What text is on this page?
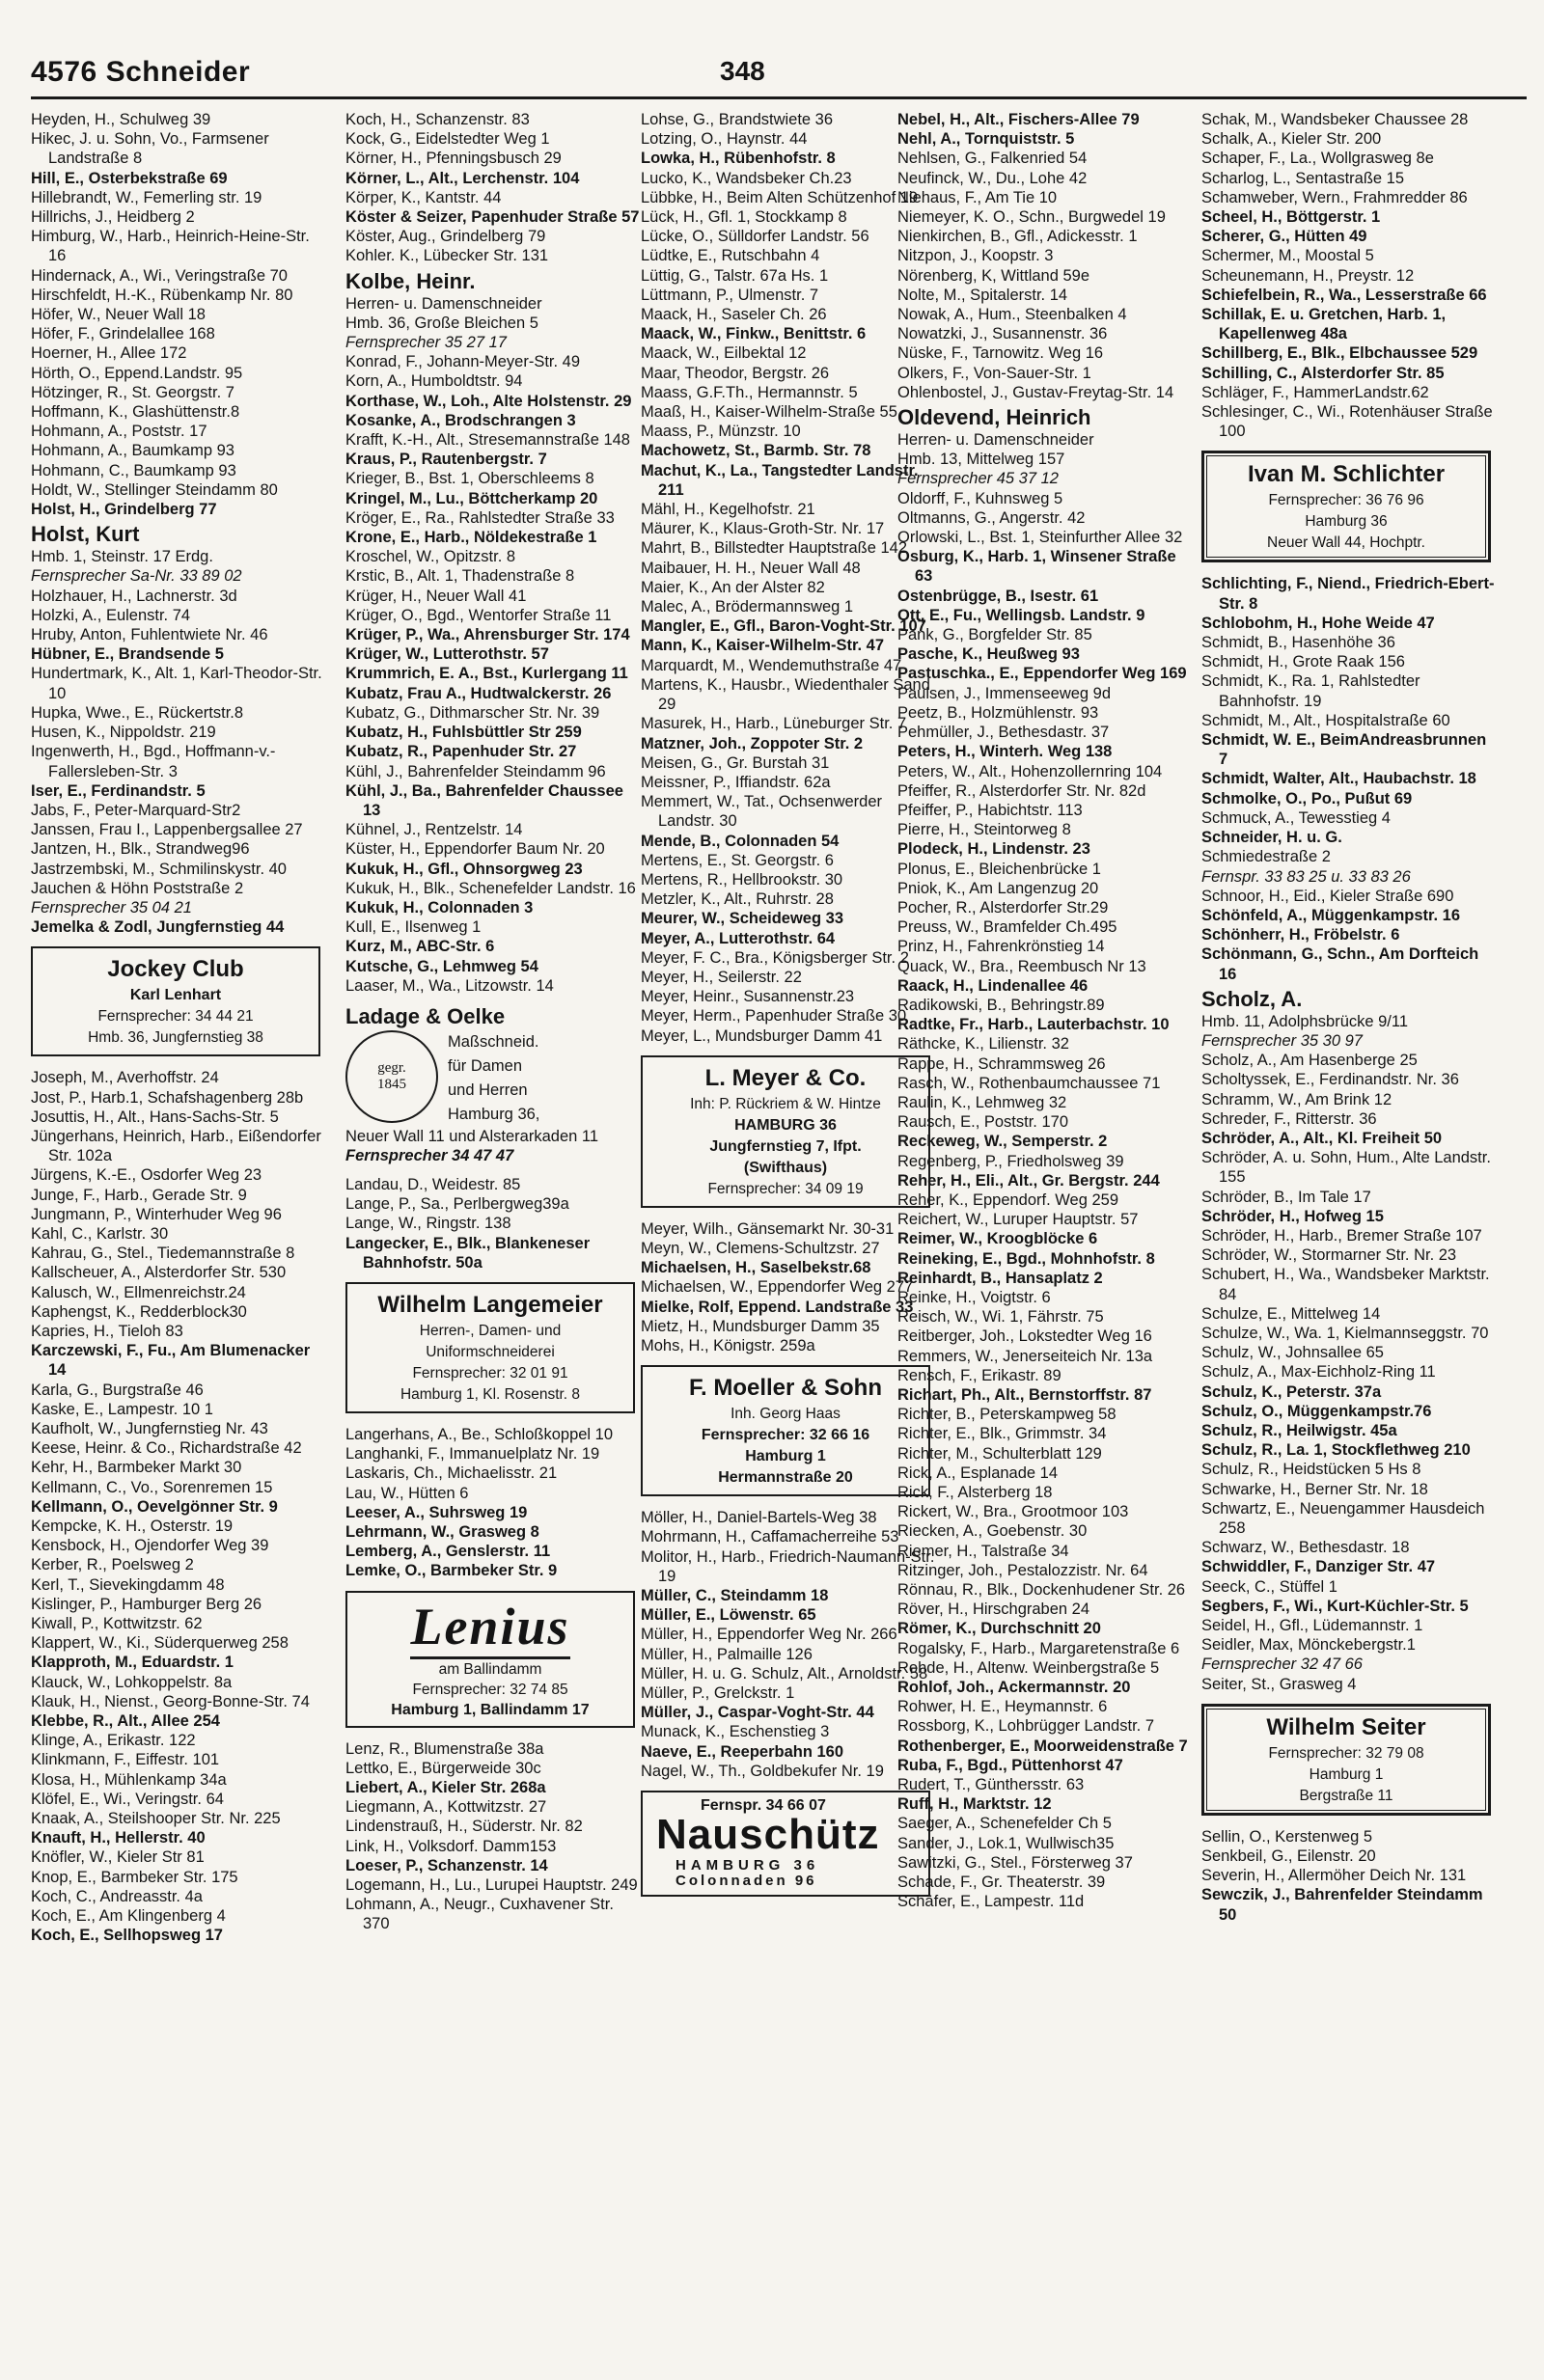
4576 Schneider	348

Heyden, H., Schulweg 39

Hikec, J. u. Sohn, Vo., Farmsener Landstraße 8

Hill, E., Osterbekstraße 69

Hillebrandt, W., Femerling str. 19

Hillrichs, J., Heidberg 2

Himburg, W., Harb., Heinrich-Heine-Str. 16

Hindernack, A., Wi., Veringstraße 70

Hirschfeldt, H.-K., Rübenkamp Nr. 80

Höfer, W., Neuer Wall 18

Höfer, F., Grindelallee 168

Hoerner, H., Allee 172

Hörth, O., Eppend.Landstr. 95

Hötzinger, R., St. Georgstr. 7

Hoffmann, K., Glashüttenstr.8

Hohmann, A., Poststr. 17

Hohmann, A., Baumkamp 93

Hohmann, C., Baumkamp 93

Holdt, W., Stellinger Steindamm 80

Holst, H., Grindelberg 77

Holst, Kurt

Hmb. 1, Steinstr. 17 Erdg.

Fernsprecher Sa-Nr. 33 89 02

Holzhauer, H., Lachnerstr. 3d

Holzki, A., Eulenstr. 74

Hruby, Anton, Fuhlentwiete Nr. 46

Hübner, E., Brandsende 5

Hundertmark, K., Alt. 1, Karl-Theodor-Str. 10

Hupka, Wwe., E., Rückertstr.8

Husen, K., Nippoldstr. 219

Ingenwerth, H., Bgd., Hoffmann-v.-Fallersleben-Str. 3

Iser, E., Ferdinandstr. 5

Jabs, F., Peter-Marquard-Str2

Janssen, Frau I., Lappenbergsallee 27

Jantzen, H., Blk., Strandweg96

Jastrzembski, M., Schmilinskystr. 40

Jauchen & Höhn Poststraße 2

Fernsprecher 35 04 21

Jemelka & Zodl, Jungfernstieg 44

Jockey Club
Karl Lenhart
Fernsprecher: 34 44 21
Hmb. 36, Jungfernstieg 38

Joseph, M., Averhoffstr. 24

Jost, P., Harb.1, Schafshagenberg 28b

Josuttis, H., Alt., Hans-Sachs-Str. 5

Jüngerhans, Heinrich, Harb., Eißendorfer Str. 102a

Jürgens, K.-E., Osdorfer Weg 23

Junge, F., Harb., Gerade Str. 9

Jungmann, P., Winterhuder Weg 96

Kahl, C., Karlstr. 30

Kahrau, G., Stel., Tiedemannstraße 8

Kallscheuer, A., Alsterdorfer Str. 530

Kalusch, W., Ellmenreichstr.24

Kaphengst, K., Redderblock30

Kapries, H., Tieloh 83

Karczewski, F., Fu., Am Blumenacker 14

Karla, G., Burgstraße 46

Kaske, E., Lampestr. 10 1

Kaufholt, W., Jungfernstieg Nr. 43

Keese, Heinr. & Co., Richardstraße 42

Kehr, H., Barmbeker Markt 30

Kellmann, C., Vo., Sorenremen 15

Kellmann, O., Oevelgönner Str. 9

Kempcke, K. H., Osterstr. 19

Kensbock, H., Ojendorfer Weg 39

Kerber, R., Poelsweg 2

Kerl, T., Sievekingdamm 48

Kislinger, P., Hamburger Berg 26

Kiwall, P., Kottwitzstr. 62

Klappert, W., Ki., Süderquerweg 258

Klapproth, M., Eduardstr. 1

Klauck, W., Lohkoppelstr. 8a

Klauk, H., Nienst., Georg-Bonne-Str. 74

Klebbe, R., Alt., Allee 254

Klinge, A., Erikastr. 122

Klinkmann, F., Eiffestr. 101

Klosa, H., Mühlenkamp 34a

Klöfel, E., Wi., Veringstr. 64

Knaak, A., Steilshooper Str. Nr. 225

Knauft, H., Hellerstr. 40

Knöfler, W., Kieler Str 81

Knop, E., Barmbeker Str. 175

Koch, C., Andreasstr. 4a

Koch, E., Am Klingenberg 4

Koch, E., Sellhopsweg 17

Koch, H., Schanzenstr. 83

Kock, G., Eidelstedter Weg 1

Körner, H., Pfenningsbusch 29

Körner, L., Alt., Lerchenstr. 104

Körper, K., Kantstr. 44

Köster & Seizer, Papenhuder Straße 57

Köster, Aug., Grindelberg 79

Kohler. K., Lübecker Str. 131

Kolbe, Heinr.

Herren- u. Damenschneider

Hmb. 36, Große Bleichen 5

Fernsprecher 35 27 17

Konrad, F., Johann-Meyer-Str. 49

Korn, A., Humboldtstr. 94

Korthase, W., Loh., Alte Holstenstr. 29

Kosanke, A., Brodschrangen 3

Krafft, K.-H., Alt., Stresemannstraße 148

Kraus, P., Rautenbergstr. 7

Krieger, B., Bst. 1, Oberschleems 8

Kringel, M., Lu., Böttcherkamp 20

Kröger, E., Ra., Rahlstedter Straße 33

Krone, E., Harb., Nöldekestraße 1

Kroschel, W., Opitzstr. 8

Krstic, B., Alt. 1, Thadenstraße 8

Krüger, H., Neuer Wall 41

Krüger, O., Bgd., Wentorfer Straße 11

Krüger, P., Wa., Ahrensburger Str. 174

Krüger, W., Lutterothstr. 57

Krummrich, E. A., Bst., Kurlergang 11

Kubatz, Frau A., Hudtwalckerstr. 26

Kubatz, G., Dithmarscher Str. Nr. 39

Kubatz, H., Fuhlsbüttler Str 259

Kubatz, R., Papenhuder Str. 27

Kühl, J., Bahrenfelder Steindamm 96

Kühl, J., Ba., Bahrenfelder Chaussee 13

Kühnel, J., Rentzelstr. 14

Küster, H., Eppendorfer Baum Nr. 20

Kukuk, H., Gfl., Ohnsorgweg 23

Kukuk, H., Blk., Schenefelder Landstr. 16

Kukuk, H., Colonnaden 3

Kull, E., Ilsenweg 1

Kurz, M., ABC-Str. 6

Kutsche, G., Lehmweg 54

Laaser, M., Wa., Litzowstr. 14

Ladage & Oelke
gegr.
1845
Maßschneid.
für Damen
und Herren
Hamburg 36,
Neuer Wall 11 und Alsterarkaden 11
Fernsprecher 34 47 47

Landau, D., Weidestr. 85

Lange, P., Sa., Perlbergweg39a

Lange, W., Ringstr. 138

Langecker, E., Blk., Blankeneser Bahnhofstr. 50a

Wilhelm Langemeier
Herren-, Damen- und Uniformschneiderei
Fernsprecher: 32 01 91
Hamburg 1, Kl. Rosenstr. 8

Langerhans, A., Be., Schloßkoppel 10

Langhanki, F., Immanuelplatz Nr. 19

Laskaris, Ch., Michaelisstr. 21

Lau, W., Hütten 6

Leeser, A., Suhrsweg 19

Lehrmann, W., Grasweg 8

Lemberg, A., Genslerstr. 11

Lemke, O., Barmbeker Str. 9

Lenius
am Ballindamm
Fernsprecher: 32 74 85
Hamburg 1, Ballindamm 17

Lenz, R., Blumenstraße 38a

Lettko, E., Bürgerweide 30c

Liebert, A., Kieler Str. 268a

Liegmann, A., Kottwitzstr. 27

Lindenstrauß, H., Süderstr. Nr. 82

Link, H., Volksdorf. Damm153

Loeser, P., Schanzenstr. 14

Logemann, H., Lu., Lurupei Hauptstr. 249

Lohmann, A., Neugr., Cuxhavener Str. 370

Lohse, G., Brandstwiete 36

Lotzing, O., Haynstr. 44

Lowka, H., Rübenhofstr. 8

Lucko, K., Wandsbeker Ch.23

Lübbke, H., Beim Alten Schützenhof 19

Lück, H., Gfl. 1, Stockkamp 8

Lücke, O., Sülldorfer Landstr. 56

Lüdtke, E., Rutschbahn 4

Lüttig, G., Talstr. 67a Hs. 1

Lüttmann, P., Ulmenstr. 7

Maack, H., Saseler Ch. 26

Maack, W., Finkw., Benittstr. 6

Maack, W., Eilbektal 12

Maar, Theodor, Bergstr. 26

Maass, G.F.Th., Hermannstr. 5

Maaß, H., Kaiser-Wilhelm-Straße 55

Maass, P., Münzstr. 10

Machowetz, St., Barmb. Str. 78

Machut, K., La., Tangstedter Landstr. 211

Mähl, H., Kegelhofstr. 21

Mäurer, K., Klaus-Groth-Str. Nr. 17

Mahrt, B., Billstedter Hauptstraße 142

Maibauer, H. H., Neuer Wall 48

Maier, K., An der Alster 82

Malec, A., Brödermannsweg 1

Mangler, E., Gfl., Baron-Voght-Str. 107

Mann, K., Kaiser-Wilhelm-Str. 47

Marquardt, M., Wendemuthstraße 47

Martens, K., Hausbr., Wiedenthaler Sand 29

Masurek, H., Harb., Lüneburger Str. 7

Matzner, Joh., Zoppoter Str. 2

Meisen, G., Gr. Burstah 31

Meissner, P., Iffiandstr. 62a

Memmert, W., Tat., Ochsenwerder Landstr. 30

Mende, B., Colonnaden 54

Mertens, E., St. Georgstr. 6

Mertens, R., Hellbrookstr. 30

Metzler, K., Alt., Ruhrstr. 28

Meurer, W., Scheideweg 33

Meyer, A., Lutterothstr. 64

Meyer, F. C., Bra., Königsberger Str. 2

Meyer, H., Seilerstr. 22

Meyer, Heinr., Susannenstr.23

Meyer, Herm., Papenhuder Straße 30

Meyer, L., Mundsburger Damm 41

L. Meyer & Co.
Inh: P. Rückriem & W. Hintze
HAMBURG 36
Jungfernstieg 7, Ifpt.
(Swifthaus)
Fernsprecher: 34 09 19

Meyer, Wilh., Gänsemarkt Nr. 30-31

Meyn, W., Clemens-Schultzstr. 27

Michaelsen, H., Saselbekstr.68

Michaelsen, W., Eppendorfer Weg 277

Mielke, Rolf, Eppend. Landstraße 33

Mietz, H., Mundsburger Damm 35

Mohs, H., Königstr. 259a

F. Moeller & Sohn
Inh. Georg Haas
Fernsprecher: 32 66 16
Hamburg 1
Hermannstraße 20

Möller, H., Daniel-Bartels-Weg 38

Mohrmann, H., Caffamacherreihe 53

Molitor, H., Harb., Friedrich-Naumann-Str. 19

Müller, C., Steindamm 18

Müller, E., Löwenstr. 65

Müller, H., Eppendorfer Weg Nr. 266

Müller, H., Palmaille 126

Müller, H. u. G. Schulz, Alt., Arnoldstr. 58

Müller, P., Grelckstr. 1

Müller, J., Caspar-Voght-Str. 44

Munack, K., Eschenstieg 3

Naeve, E., Reeperbahn 160

Nagel, W., Th., Goldbekufer Nr. 19

Fernspr. 34 66 07
Nauschütz
HAMBURG 36
Colonnaden 96

Nebel, H., Alt., Fischers-Allee 79

Nehl, A., Tornquiststr. 5

Nehlsen, G., Falkenried 54

Neufinck, W., Du., Lohe 42

Niehaus, F., Am Tie 10

Niemeyer, K. O., Schn., Burgwedel 19

Nienkirchen, B., Gfl., Adickesstr. 1

Nitzpon, J., Koopstr. 3

Nörenberg, K, Wittland 59e

Nolte, M., Spitalerstr. 14

Nowak, A., Hum., Steenbalken 4

Nowatzki, J., Susannenstr. 36

Nüske, F., Tarnowitz. Weg 16

Olkers, F., Von-Sauer-Str. 1

Ohlenbostel, J., Gustav-Freytag-Str. 14

Oldevend, Heinrich

Herren- u. Damenschneider

Hmb. 13, Mittelweg 157

Fernsprecher 45 37 12

Oldorff, F., Kuhnsweg 5

Oltmanns, G., Angerstr. 42

Orlowski, L., Bst. 1, Steinfurther Allee 32

Osburg, K., Harb. 1, Winsener Straße 63

Ostenbrügge, B., Isestr. 61

Ott, E., Fu., Wellingsb. Landstr. 9

Pank, G., Borgfelder Str. 85

Pasche, K., Heußweg 93

Pastuschka., E., Eppendorfer Weg 169

Paulsen, J., Immenseeweg 9d

Peetz, B., Holzmühlenstr. 93

Pehmüller, J., Bethesdastr. 37

Peters, H., Winterh. Weg 138

Peters, W., Alt., Hohenzollernring 104

Pfeiffer, R., Alsterdorfer Str. Nr. 82d

Pfeiffer, P., Habichtstr. 113

Pierre, H., Steintorweg 8

Plodeck, H., Lindenstr. 23

Plonus, E., Bleichenbrücke 1

Pniok, K., Am Langenzug 20

Pocher, R., Alsterdorfer Str.29

Preuss, W., Bramfelder Ch.495

Prinz, H., Fahrenkrönstieg 14

Quack, W., Bra., Reembusch Nr 13

Raack, H., Lindenallee 46

Radikowski, B., Behringstr.89

Radtke, Fr., Harb., Lauterbachstr. 10

Räthcke, K., Lilienstr. 32

Rappe, H., Schrammsweg 26

Rasch, W., Rothenbaumchaussee 71

Raulin, K., Lehmweg 32

Rausch, E., Poststr. 170

Reckeweg, W., Semperstr. 2

Regenberg, P., Friedholsweg 39

Reher, H., Eli., Alt., Gr. Bergstr. 244

Reher, K., Eppendorf. Weg 259

Reichert, W., Luruper Hauptstr. 57

Reimer, W., Kroogblöcke 6

Reineking, E., Bgd., Mohnhofstr. 8

Reinhardt, B., Hansaplatz 2

Reinke, H., Voigtstr. 6

Reisch, W., Wi. 1, Fährstr. 75

Reitberger, Joh., Lokstedter Weg 16

Remmers, W., Jenerseiteich Nr. 13a

Rensch, F., Erikastr. 89

Richart, Ph., Alt., Bernstorffstr. 87

Richter, B., Peterskampweg 58

Richter, E., Blk., Grimmstr. 34

Richter, M., Schulterblatt 129

Rick, A., Esplanade 14

Rick, F., Alsterberg 18

Rickert, W., Bra., Grootmoor 103

Riecken, A., Goebenstr. 30

Riemer, H., Talstraße 34

Ritzinger, Joh., Pestalozzistr. Nr. 64

Rönnau, R., Blk., Dockenhudener Str. 26

Röver, H., Hirschgraben 24

Römer, K., Durchschnitt 20

Rogalsky, F., Harb., Margaretenstraße 6

Rohde, H., Altenw. Weinbergstraße 5

Rohlof, Joh., Ackermannstr. 20

Rohwer, H. E., Heymannstr. 6

Rossborg, K., Lohbrügger Landstr. 7

Rothenberger, E., Moorweidenstraße 7

Ruba, F., Bgd., Püttenhorst 47

Rudert, T., Günthersstr. 63

Ruff, H., Marktstr. 12

Saeger, A., Schenefelder Ch 5

Sander, J., Lok.1, Wullwisch35

Sawitzki, G., Stel., Försterweg 37

Schade, F., Gr. Theaterstr. 39

Schäfer, E., Lampestr. 11d

Schak, M., Wandsbeker Chaussee 28

Schalk, A., Kieler Str. 200

Schaper, F., La., Wollgrasweg 8e

Scharlog, L., Sentastraße 15

Schamweber, Wern., Frahmredder 86

Scheel, H., Böttgerstr. 1

Scherer, G., Hütten 49

Schermer, M., Moostal 5

Scheunemann, H., Preystr. 12

Schiefelbein, R., Wa., Lesserstraße 66

Schillak, E. u. Gretchen, Harb. 1, Kapellenweg 48a

Schillberg, E., Blk., Elbchaussee 529

Schilling, C., Alsterdorfer Str. 85

Schläger, F., HammerLandstr.62

Schlesinger, C., Wi., Rotenhäuser Straße 100

Ivan M. Schlichter
Fernsprecher: 36 76 96
Hamburg 36
Neuer Wall 44, Hochptr.

Schlichting, F., Niend., Friedrich-Ebert-Str. 8

Schlobohm, H., Hohe Weide 47

Schmidt, B., Hasenhöhe 36

Schmidt, H., Grote Raak 156

Schmidt, K., Ra. 1, Rahlstedter Bahnhofstr. 19

Schmidt, M., Alt., Hospitalstraße 60

Schmidt, W. E., BeimAndreasbrunnen 7

Schmidt, Walter, Alt., Haubachstr. 18

Schmolke, O., Po., Pußut 69

Schmuck, A., Tewesstieg 4

Schneider, H. u. G.

Schmiedestraße 2

Fernspr. 33 83 25 u. 33 83 26

Schnoor, H., Eid., Kieler Straße 690

Schönfeld, A., Müggenkampstr. 16

Schönherr, H., Fröbelstr. 6

Schönmann, G., Schn., Am Dorfteich 16

Scholz, A.

Hmb. 11, Adolphsbrücke 9/11

Fernsprecher 35 30 97

Scholz, A., Am Hasenberge 25

Scholtyssek, E., Ferdinandstr. Nr. 36

Schramm, W., Am Brink 12

Schreder, F., Ritterstr. 36

Schröder, A., Alt., Kl. Freiheit 50

Schröder, A. u. Sohn, Hum., Alte Landstr. 155

Schröder, B., Im Tale 17

Schröder, H., Hofweg 15

Schröder, H., Harb., Bremer Straße 107

Schröder, W., Stormarner Str. Nr. 23

Schubert, H., Wa., Wandsbeker Marktstr. 84

Schulze, E., Mittelweg 14

Schulze, W., Wa. 1, Kielmannseggstr. 70

Schulz, W., Johnsallee 65

Schulz, A., Max-Eichholz-Ring 11

Schulz, K., Peterstr. 37a

Schulz, O., Müggenkampstr.76

Schulz, R., Heilwigstr. 45a

Schulz, R., La. 1, Stockflethweg 210

Schulz, R., Heidstücken 5 Hs 8

Schwarke, H., Berner Str. Nr. 18

Schwartz, E., Neuengammer Hausdeich 258

Schwarz, W., Bethesdastr. 18

Schwiddler, F., Danziger Str. 47

Seeck, C., Stüffel 1

Segbers, F., Wi., Kurt-Küchler-Str. 5

Seidel, H., Gfl., Lüdemannstr. 1

Seidler, Max, Mönckebergstr.1

Fernsprecher 32 47 66

Seiter, St., Grasweg 4

Wilhelm Seiter
Fernsprecher: 32 79 08
Hamburg 1
Bergstraße 11

Sellin, O., Kerstenweg 5

Senkbeil, G., Eilenstr. 20

Severin, H., Allermöher Deich Nr. 131

Sewczik, J., Bahrenfelder Steindamm 50
